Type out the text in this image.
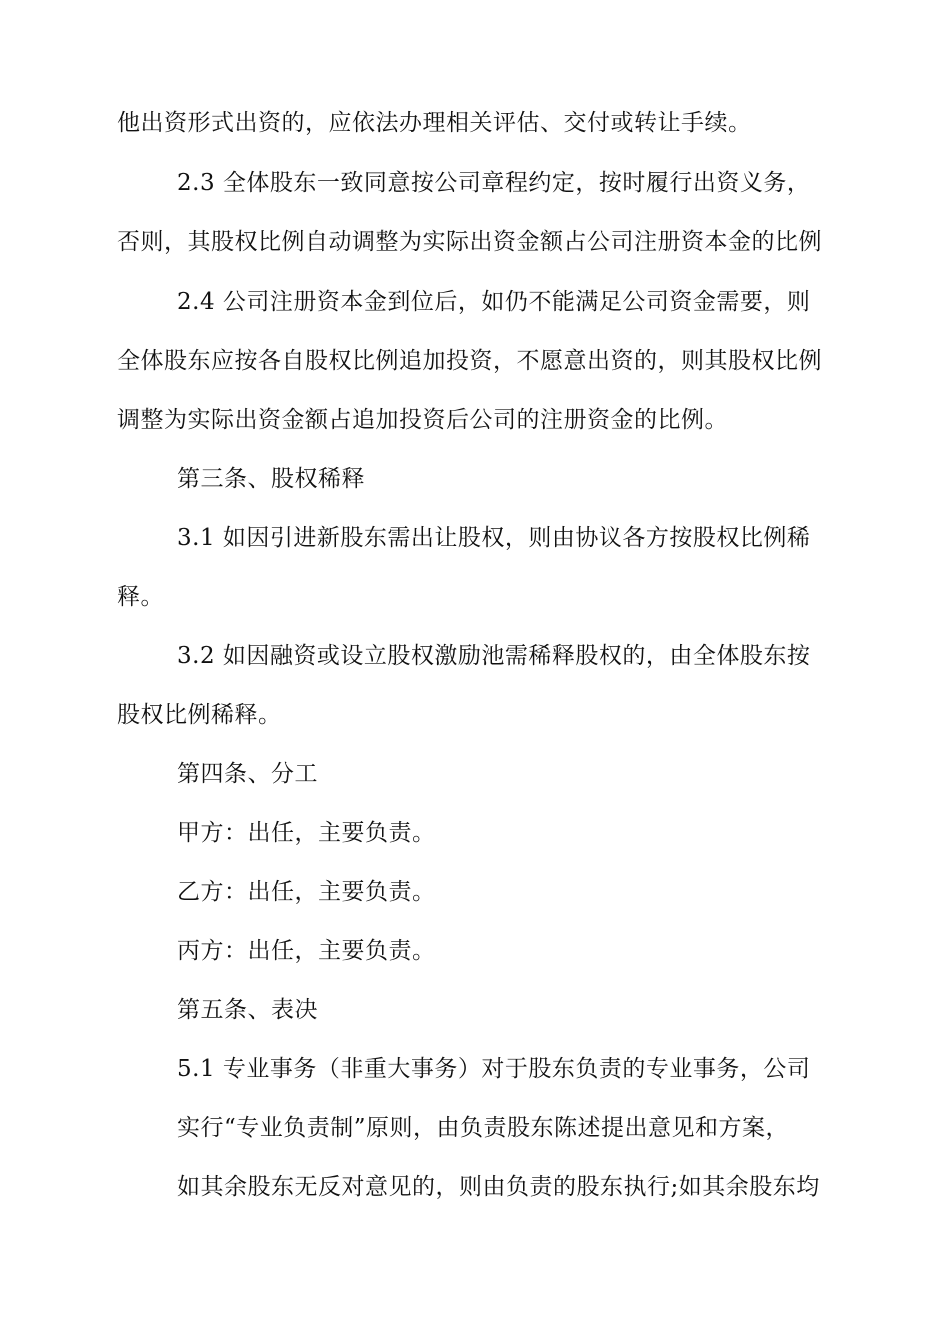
他出资形式出资的，应依法办理相关评估、交付或转让手续。
2.3 全体股东一致同意按公司章程约定，按时履行出资义务，
否则，其股权比例自动调整为实际出资金额占公司注册资本金的比例
2.4 公司注册资本金到位后，如仍不能满足公司资金需要，则
全体股东应按各自股权比例追加投资，不愿意出资的，则其股权比例
调整为实际出资金额占追加投资后公司的注册资金的比例。
第三条、股权稀释
3.1 如因引进新股东需出让股权，则由协议各方按股权比例稀
释。
3.2 如因融资或设立股权激励池需稀释股权的，由全体股东按
股权比例稀释。
第四条、分工
甲方：出任，主要负责。
乙方：出任，主要负责。
丙方：出任，主要负责。
第五条、表决
5.1 专业事务（非重大事务）对于股东负责的专业事务，公司
实行“专业负责制”原则，由负责股东陈述提出意见和方案，
如其余股东无反对意见的，则由负责的股东执行;如其余股东均
